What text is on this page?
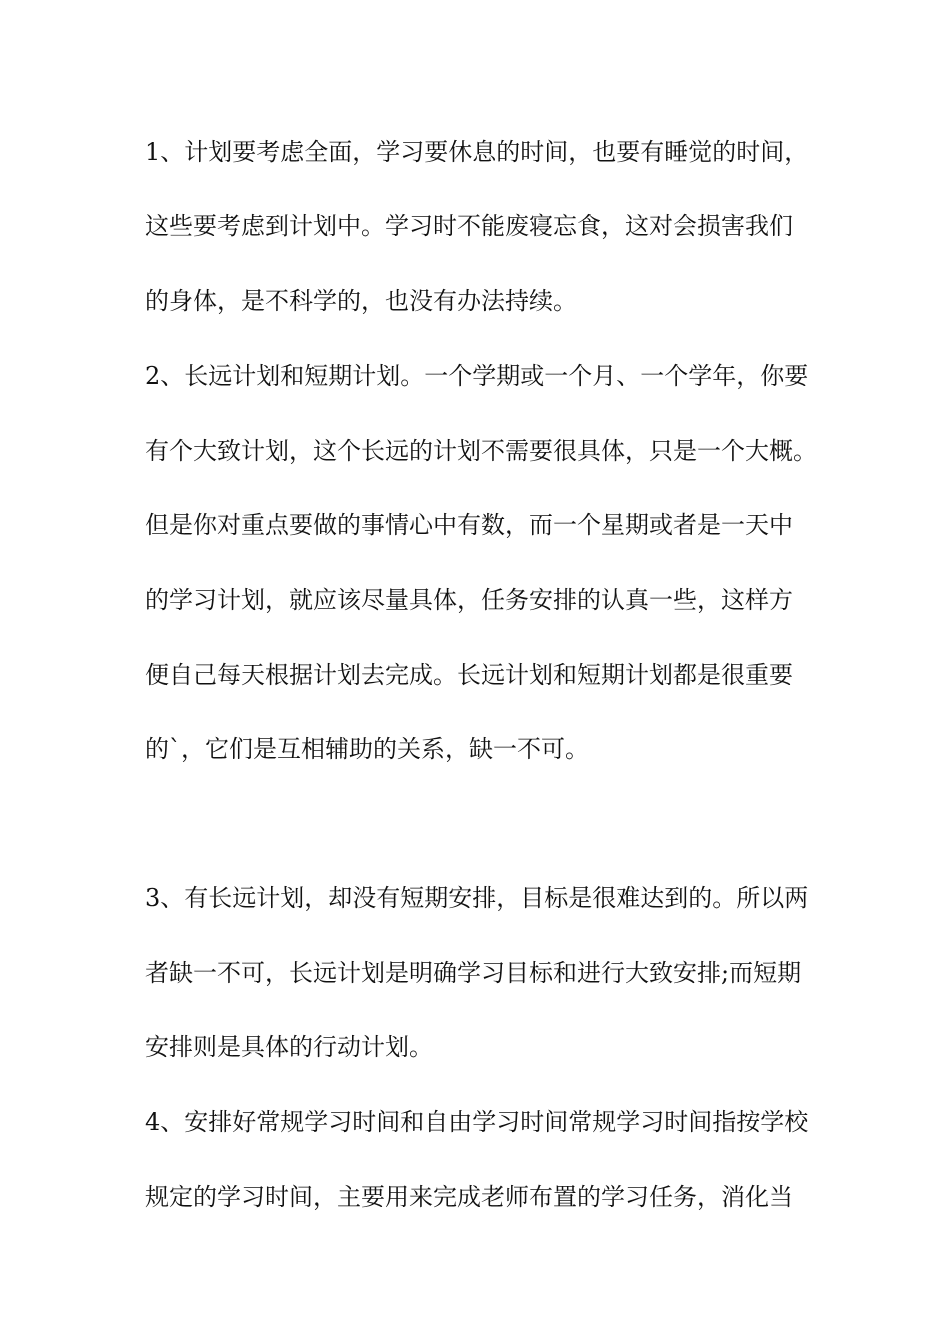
1、计划要考虑全面，学习要休息的时间，也要有睡觉的时间，
这些要考虑到计划中。学习时不能废寝忘食，这对会损害我们
的身体，是不科学的，也没有办法持续。
2、长远计划和短期计划。一个学期或一个月、一个学年，你要
有个大致计划，这个长远的计划不需要很具体，只是一个大概。
但是你对重点要做的事情心中有数，而一个星期或者是一天中
的学习计划，就应该尽量具体，任务安排的认真一些，这样方
便自己每天根据计划去完成。长远计划和短期计划都是很重要
的`，它们是互相辅助的关系，缺一不可。
3、有长远计划，却没有短期安排，目标是很难达到的。所以两
者缺一不可，长远计划是明确学习目标和进行大致安排;而短期
安排则是具体的行动计划。
4、安排好常规学习时间和自由学习时间常规学习时间指按学校
规定的学习时间，主要用来完成老师布置的学习任务，消化当
